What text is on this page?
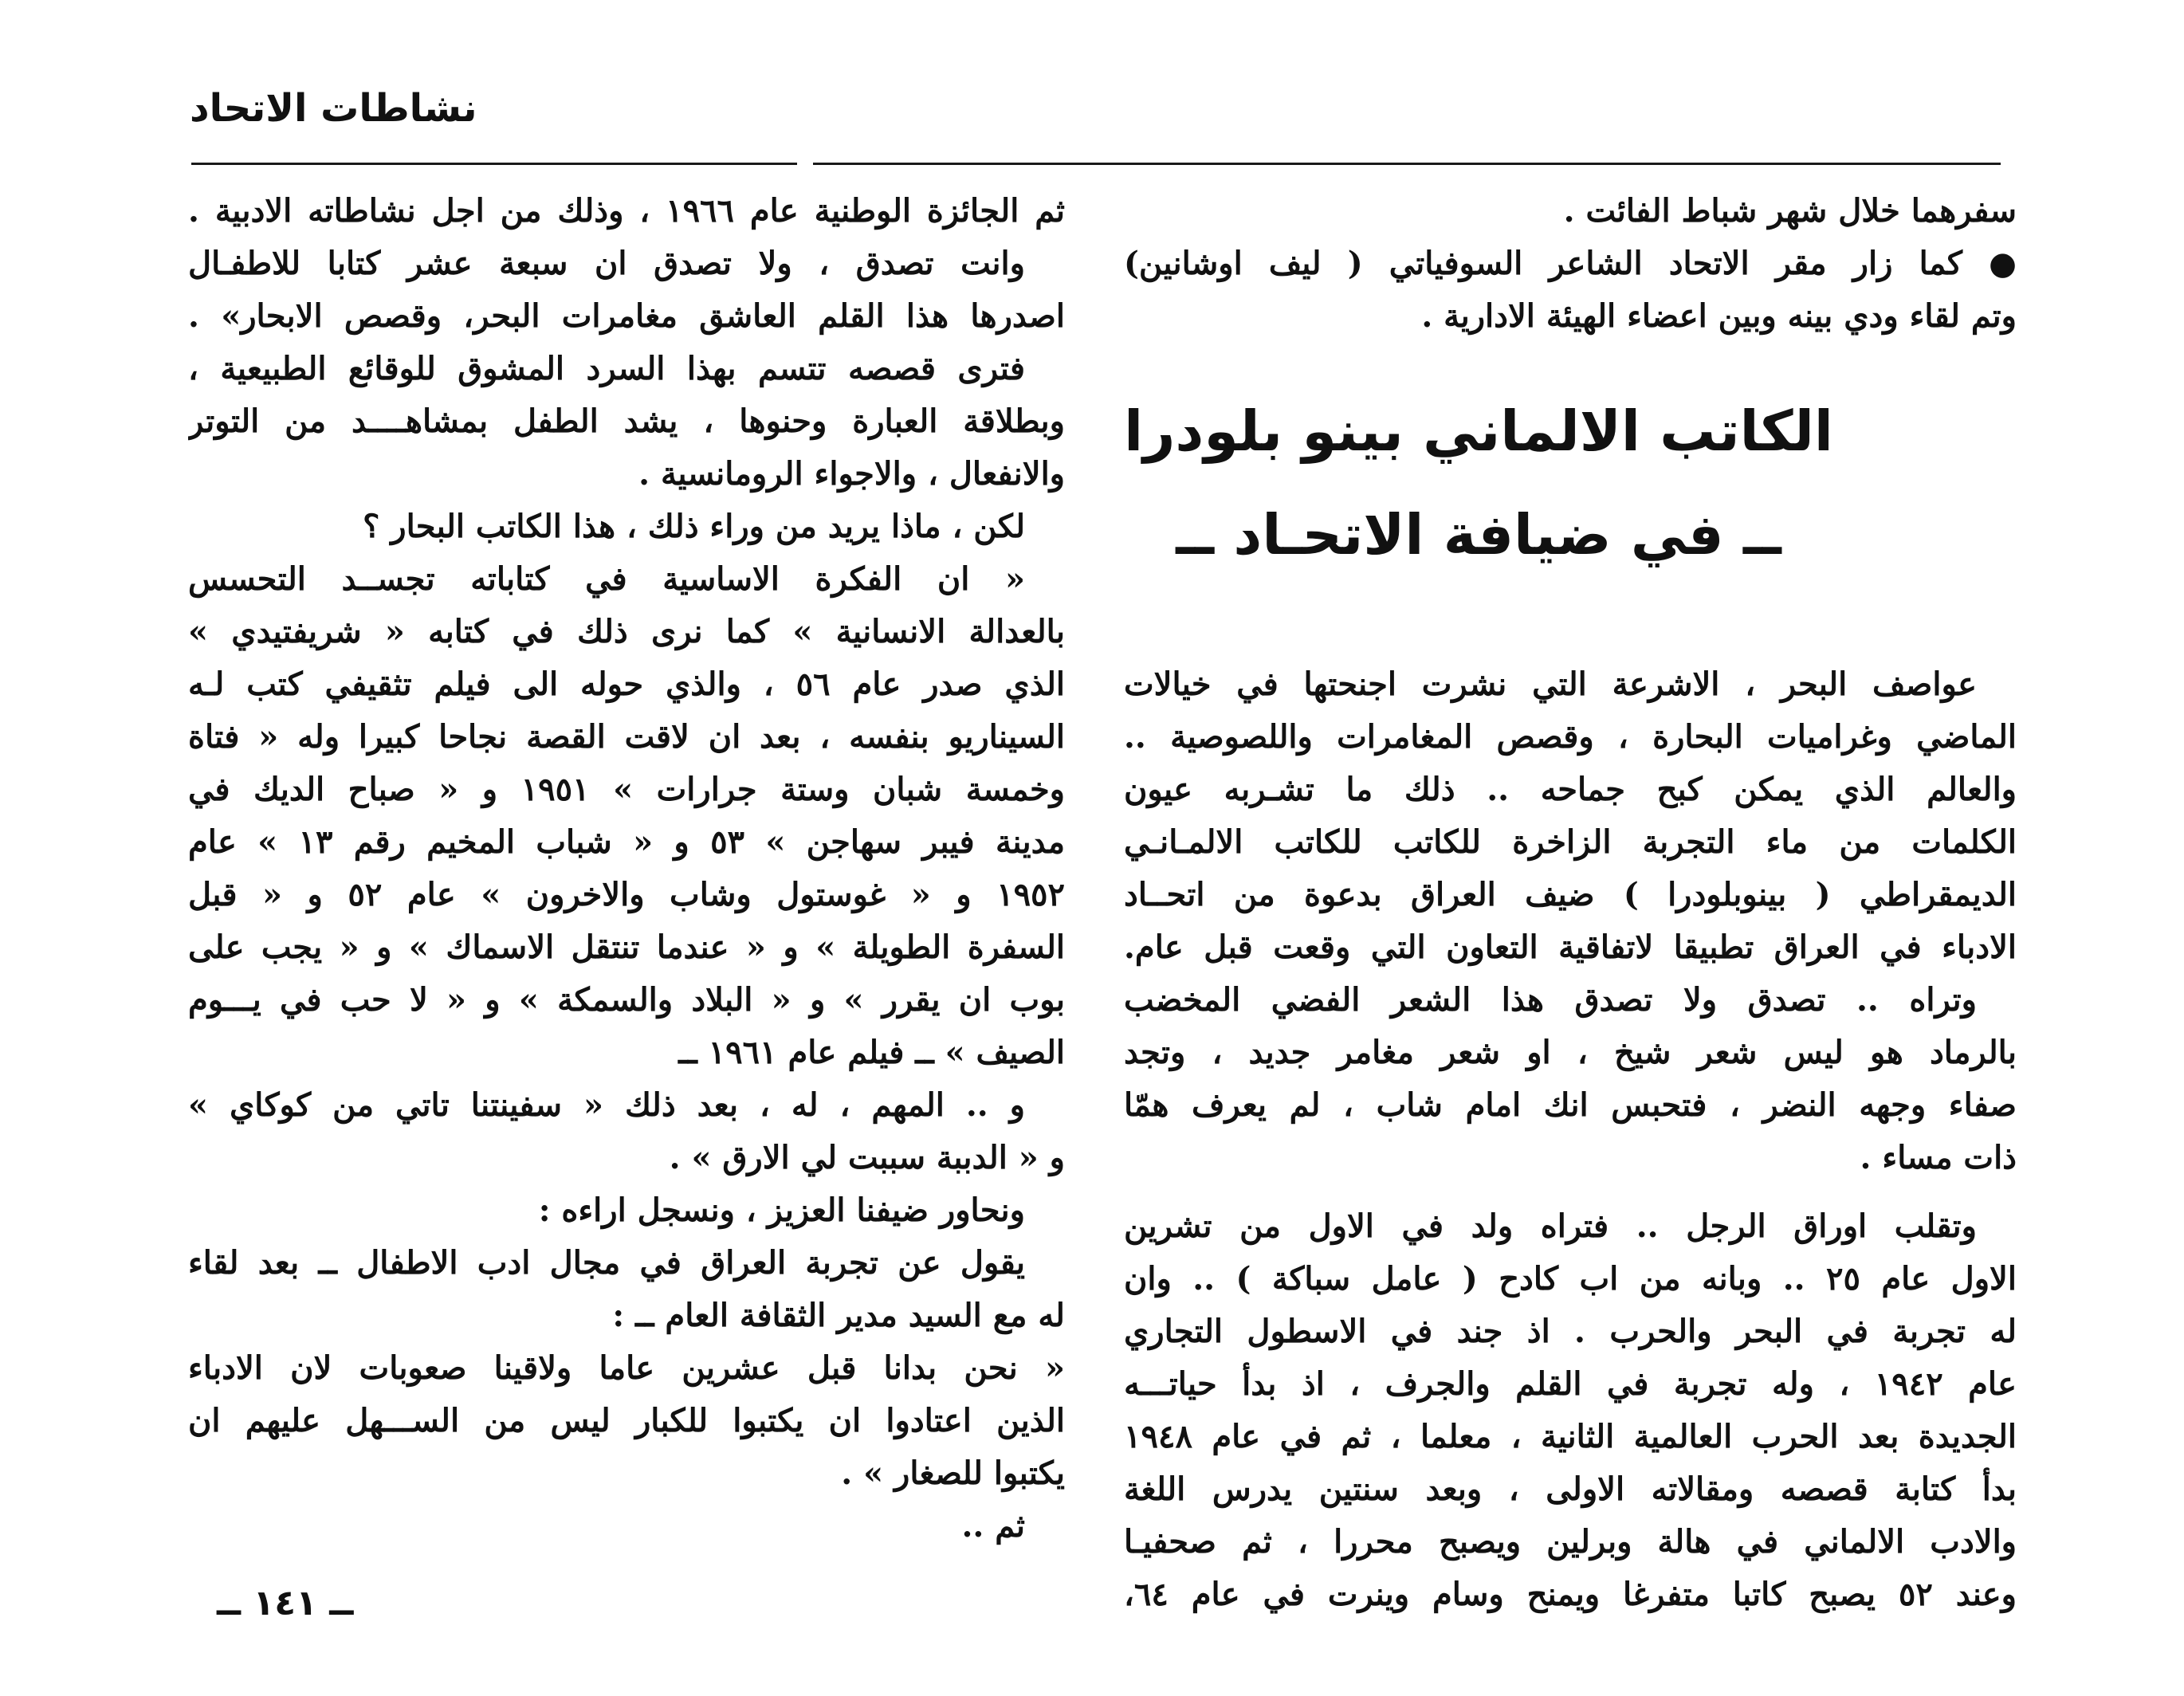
نشاطات الاتحاد
سفرهما خلال شهر شباط الفائت .
● كما زار مقر الاتحاد الشاعر السوفياتي ( ليف اوشانين)
وتم لقاء ودي بينه وبين اعضاء الهيئة الادارية .
الكاتب الالماني بينو بلودرا
ــ في ضيافة الاتحـاد ــ
عواصف البحر ، الاشرعة التي نشرت اجنحتها في خيالات
الماضي وغراميات البحارة ، وقصص المغامرات واللصوصية ..
والعالم الذي يمكن كبح جماحه .. ذلك ما تشـربه عيون
الكلمات من ماء التجربة الزاخرة للكاتب للكاتب الالمـانـي
الديمقراطي ( بينوبلودرا ) ضيف العراق بدعوة من اتحــاد
الادباء في العراق تطبيقا لاتفاقية التعاون التي وقعت قبل عام.
وتراه .. تصدق ولا تصدق هذا الشعر الفضي المخضب
بالرماد هو ليس شعر شيخ ، او شعر مغامر جديد ، وتجد
صفاء وجهه النضر ، فتحبس انك امام شاب ، لم يعرف همّا
ذات مساء .
وتقلب اوراق الرجل .. فتراه ولد في الاول من تشرين
الاول عام ٢٥ .. وبانه من اب كادح ( عامل سباكة ) .. وان
له تجربة في البحر والحرب . اذ جند في الاسطول التجاري
عام ١٩٤٢ ، وله تجربة في القلم والجرف ، اذ بدأ حياتـــه
الجديدة بعد الحرب العالمية الثانية ، معلما ، ثم في عام ١٩٤٨
بدأ كتابة قصصه ومقالاته الاولى ، وبعد سنتين يدرس اللغة
والادب الالماني في هالة وبرلين ويصبح محررا ، ثم صحفيـا
وعند ٥٢ يصبح كاتبا متفرغا ويمنح وسام وينرت في عام ٦٤،
ثم الجائزة الوطنية عام ١٩٦٦ ، وذلك من اجل نشاطاته الادبية .
وانت تصدق ، ولا تصدق ان سبعة عشر كتابا للاطفـال
اصدرها هذا القلم العاشق مغامرات البحر، وقصص الابحار» .
فترى قصصه تتسم بهذا السرد المشوق للوقائع الطبيعية ،
وبطلاقة العبارة وحنوها ، يشد الطفل بمشاهــــد من التوتر
والانفعال ، والاجواء الرومانسية .
لكن ، ماذا يريد من وراء ذلك ، هذا الكاتب البحار ؟
« ان الفكرة الاساسية في كتاباته تجســد التحسس
بالعدالة الانسانية » كما نرى ذلك في كتابه « شريفتيدي »
الذي صدر عام ٥٦ ، والذي حوله الى فيلم تثقيفي كتب لـه
السيناريو بنفسه ، بعد ان لاقت القصة نجاحا كبيرا وله « فتاة
وخمسة شبان وستة جرارات » ١٩٥١ و « صباح الديك في
مدينة فيبر سهاجن » ٥٣ و « شباب المخيم رقم ١٣ » عام
١٩٥٢ و « غوستول وشاب والاخرون » عام ٥٢ و « قبل
السفرة الطويلة » و « عندما تنتقل الاسماك » و « يجب على
بوب ان يقرر » و « البلاد والسمكة » و « لا حب في يـــوم
الصيف » ــ فيلم عام ١٩٦١ ــ
و .. المهم ، له ، بعد ذلك « سفينتنا تاتي من كوكاي »
و « الدببة سببت لي الارق » .
ونحاور ضيفنا العزيز ، ونسجل اراءه :
يقول عن تجربة العراق في مجال ادب الاطفال ــ بعد لقاء
له مع السيد مدير الثقافة العام ــ :
« نحن بدانا قبل عشرين عاما ولاقينا صعوبات لان الادباء
الذين اعتادوا ان يكتبوا للكبار ليس من الســـهل عليهم ان
يكتبوا للصغار » .
ثم ..
ــ ١٤١ ــ
